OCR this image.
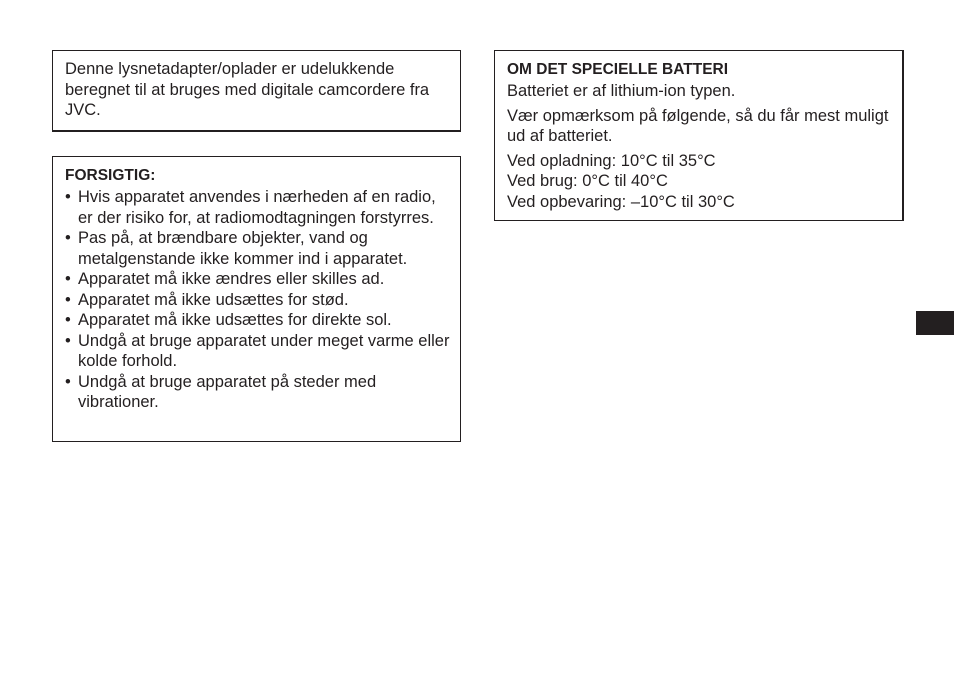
Denne lysnetadapter/oplader er udelukkende beregnet til at bruges med digitale camcordere fra JVC.

FORSIGTIG:
• Hvis apparatet anvendes i nærheden af en radio, er der risiko for, at radiomodtagningen forstyrres.
• Pas på, at brændbare objekter, vand og metalgenstande ikke kommer ind i apparatet.
• Apparatet må ikke ændres eller skilles ad.
• Apparatet må ikke udsættes for stød.
• Apparatet må ikke udsættes for direkte sol.
• Undgå at bruge apparatet under meget varme eller kolde forhold.
• Undgå at bruge apparatet på steder med vibrationer.
OM DET SPECIELLE BATTERI

Batteriet er af lithium-ion typen.

Vær opmærksom på følgende, så du får mest muligt ud af batteriet.

Ved opladning: 10°C til 35°C

Ved brug: 0°C til 40°C

Ved opbevaring: –10°C til 30°C
